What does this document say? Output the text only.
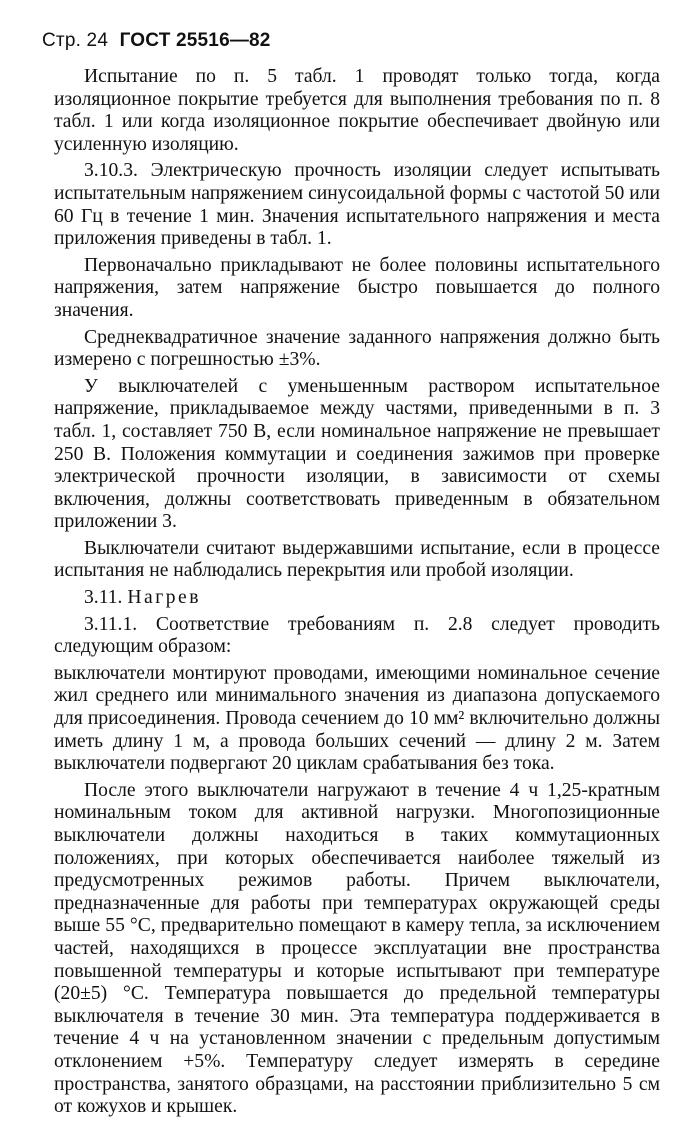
Стр. 24 ГОСТ 25516—82

Испытание по п. 5 табл. 1 проводят только тогда, когда изоляционное покрытие требуется для выполнения требования по п. 8 табл. 1 или когда изоляционное покрытие обеспечивает двойную или усиленную изоляцию.

3.10.3. Электрическую прочность изоляции следует испытывать испытательным напряжением синусоидальной формы с частотой 50 или 60 Гц в течение 1 мин. Значения испытательного напряжения и места приложения приведены в табл. 1.

Первоначально прикладывают не более половины испытательного напряжения, затем напряжение быстро повышается до полного значения.

Среднеквадратичное значение заданного напряжения должно быть измерено с погрешностью ±3%.

У выключателей с уменьшенным раствором испытательное напряжение, прикладываемое между частями, приведенными в п. 3 табл. 1, составляет 750 В, если номинальное напряжение не превышает 250 В. Положения коммутации и соединения зажимов при проверке электрической прочности изоляции, в зависимости от схемы включения, должны соответствовать приведенным в обязательном приложении 3.

Выключатели считают выдержавшими испытание, если в процессе испытания не наблюдались перекрытия или пробой изоляции.

3.11. Нагрев

3.11.1. Соответствие требованиям п. 2.8 следует проводить следующим образом:

выключатели монтируют проводами, имеющими номинальное сечение жил среднего или минимального значения из диапазона допускаемого для присоединения. Провода сечением до 10 мм² включительно должны иметь длину 1 м, а провода больших сечений — длину 2 м. Затем выключатели подвергают 20 циклам срабатывания без тока.

После этого выключатели нагружают в течение 4 ч 1,25-кратным номинальным током для активной нагрузки. Многопозиционные выключатели должны находиться в таких коммутационных положениях, при которых обеспечивается наиболее тяжелый из предусмотренных режимов работы. Причем выключатели, предназначенные для работы при температурах окружающей среды выше 55 °С, предварительно помещают в камеру тепла, за исключением частей, находящихся в процессе эксплуатации вне пространства повышенной температуры и которые испытывают при температуре (20±5) °С. Температура повышается до предельной температуры выключателя в течение 30 мин. Эта температура поддерживается в течение 4 ч на установленном значении с предельным допустимым отклонением +5%. Температуру следует измерять в середине пространства, занятого образцами, на расстоянии приблизительно 5 см от кожухов и крышек.
